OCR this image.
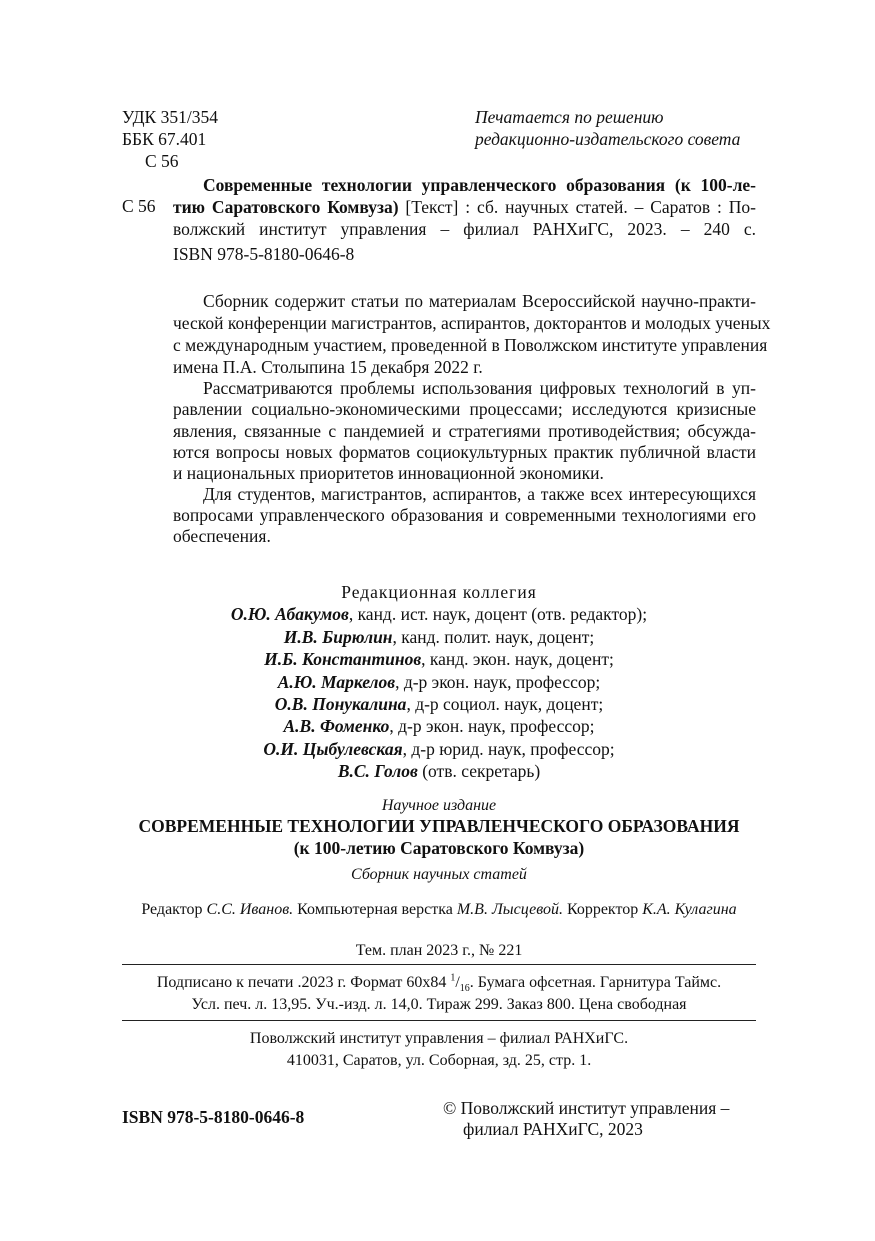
УДК 351/354
ББК 67.401
С 56
Печатается по решению
редакционно-издательского совета
С 56
Современные технологии управленческого образования (к 100-ле-
тию Саратовского Комвуза) [Текст] : сб. научных статей. – Саратов : По-
волжский институт управления – филиал РАНХиГС, 2023. – 240 с.
ISBN 978-5-8180-0646-8
Сборник содержит статьи по материалам Всероссийской научно-практи-
ческой конференции магистрантов, аспирантов, докторантов и молодых ученых
с международным участием, проведенной в Поволжском институте управления
имена П.А. Столыпина 15 декабря 2022 г.
Рассматриваются проблемы использования цифровых технологий в уп-
равлении социально-экономическими процессами; исследуются кризисные
явления, связанные с пандемией и стратегиями противодействия; обсужда-
ются вопросы новых форматов социокультурных практик публичной власти
и национальных приоритетов инновационной экономики.
Для студентов, магистрантов, аспирантов, а также всех интересующихся
вопросами управленческого образования и современными технологиями его
обеспечения.
Редакционная коллегия
О.Ю. Абакумов, канд. ист. наук, доцент (отв. редактор);
И.В. Бирюлин, канд. полит. наук, доцент;
И.Б. Константинов, канд. экон. наук, доцент;
А.Ю. Маркелов, д-р экон. наук, профессор;
О.В. Понукалина, д-р социол. наук, доцент;
А.В. Фоменко, д-р экон. наук, профессор;
О.И. Цыбулевская, д-р юрид. наук, профессор;
В.С. Голов (отв. секретарь)
Научное издание
СОВРЕМЕННЫЕ ТЕХНОЛОГИИ УПРАВЛЕНЧЕСКОГО ОБРАЗОВАНИЯ
(к 100-летию Саратовского Комвуза)
Сборник научных статей
Редактор С.С. Иванов. Компьютерная верстка М.В. Лысцевой. Корректор К.А. Кулагина
Тем. план 2023 г., № 221
Подписано к печати .2023 г. Формат 60х84 $^1/_{16}$. Бумага офсетная. Гарнитура Таймс.
Усл. печ. л. 13,95. Уч.-изд. л. 14,0. Тираж 299. Заказ 800. Цена свободная
Поволжский институт управления – филиал РАНХиГС.
410031, Саратов, ул. Соборная, зд. 25, стр. 1.
ISBN 978-5-8180-0646-8	© Поволжский институт управления –
филиал РАНХиГС, 2023
